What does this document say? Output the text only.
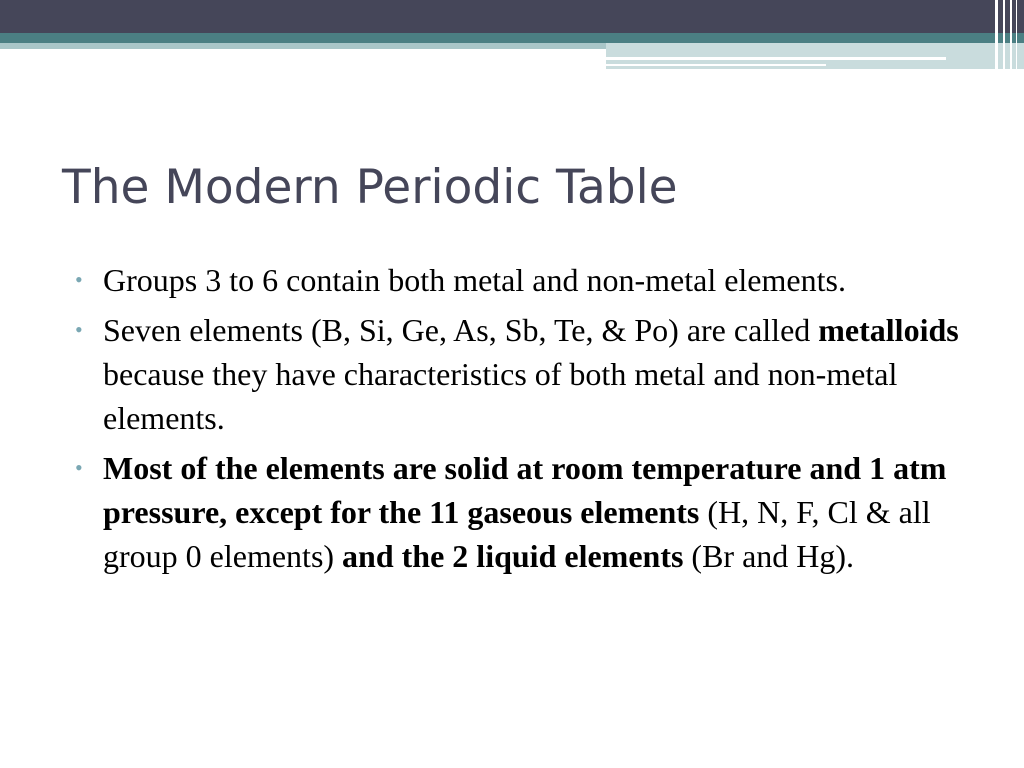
The Modern Periodic Table
• Groups 3 to 6 contain both metal and non-metal elements.
• Seven elements (B, Si, Ge, As, Sb, Te, & Po) are called metalloids because they have characteristics of both metal and non-metal elements.
• Most of the elements are solid at room temperature and 1 atm pressure, except for the 11 gaseous elements (H, N, F, Cl & all group 0 elements) and the 2 liquid elements (Br and Hg).
